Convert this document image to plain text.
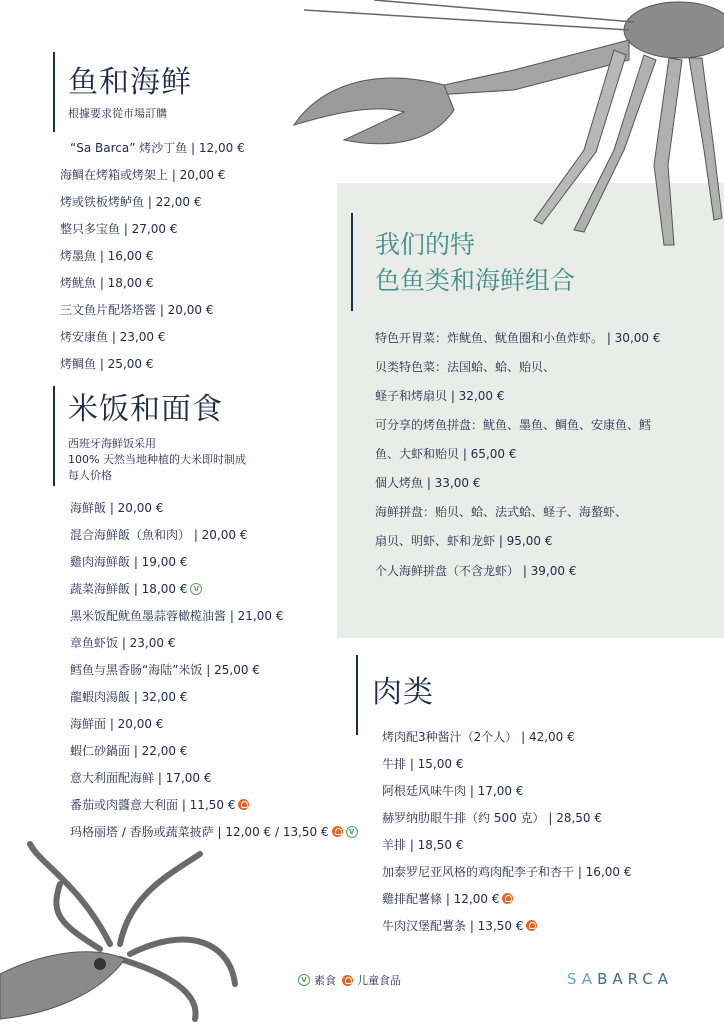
鱼和海鲜
根據要求從市場訂購
“Sa Barca” 烤沙丁鱼 | 12,00 €
海鲷在烤箱或烤架上 | 20,00 €
烤或铁板烤鲈鱼 | 22,00 €
整只多宝鱼 | 27,00 €
烤墨魚 | 16,00 €
烤鱿魚 | 18,00 €
三文鱼片配塔塔酱 | 20,00 €
烤安康鱼 | 23,00 €
烤鲷鱼 | 25,00 €
米饭和面食
西班牙海鲜饭采用
100% 天然当地种植的大米即时制成
每人价格
海鮮飯 | 20,00 €
混合海鮮飯（魚和肉） | 20,00 €
雞肉海鮮飯 | 19,00 €
蔬菜海鮮飯 | 18,00 € V
黑米饭配鱿鱼墨蒜蓉橄榄油酱 | 21,00 €
章鱼虾饭 | 23,00 €
鳕鱼与黑香肠“海陆”米饭 | 25,00 €
龍蝦肉湯飯 | 32,00 €
海鮮面 | 20,00 €
蝦仁砂鍋面 | 22,00 €
意大利面配海鲜 | 17,00 €
番茄或肉醬意大利面 | 11,50 €
玛格丽塔 / 香肠或蔬菜披萨 | 12,00 € / 13,50 €	V
我们的特
色鱼类和海鲜组合
特色开胃菜：炸鱿鱼、鱿鱼圈和小鱼炸虾。 | 30,00 €
贝类特色菜：法国蛤、蛤、贻贝、
蛏子和烤扇贝 | 32,00 €
可分享的烤鱼拼盘：鱿鱼、墨鱼、鲷鱼、安康鱼、鳕
鱼、大虾和贻贝 | 65,00 €
個人烤魚 | 33,00 €
海鲜拼盘：贻贝、蛤、法式蛤、蛏子、海螯虾、
扇贝、明虾、虾和龙虾 | 95,00 €
个人海鲜拼盘（不含龙虾） | 39,00 €
肉类
烤肉配3种酱汁（2个人） | 42,00 €
牛排 | 15,00 €
阿根廷风味牛肉 | 17,00 €
赫罗纳肋眼牛排（约 500 克） | 28,50 €
羊排 | 18,50 €
加泰罗尼亚风格的鸡肉配李子和杏干 | 16,00 €
雞排配薯條 | 12,00 €
牛肉汉堡配薯条 | 13,50 €
V 素食 儿童食品	SABARCA
